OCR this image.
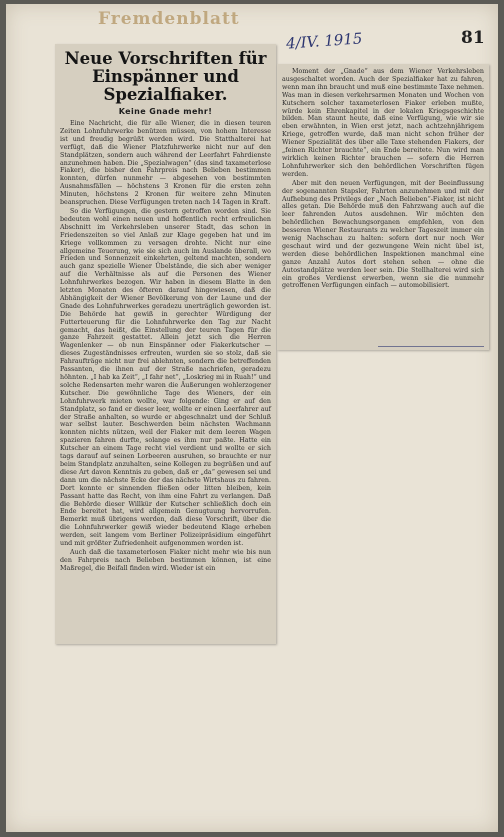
Fremdenblatt
4/IV. 1915	81
Neue Vorschriften für Einspänner und Spezialfiaker.
Keine Gnade mehr!

Eine Nachricht, die für alle Wiener, die in diesen teuren Zeiten Lohnfuhrwerke benützen müssen, von hohem Interesse ist und freudig begrüßt werden wird. Die Statthalterei hat verfügt, daß die Wiener Platzfuhrwerke nicht nur auf den Standplätzen, sondern auch während der Leerfahrt Fahrdienste anzunehmen haben. Die „Spezialwagen“ (das sind taxameterlose Fiaker), die bisher den Fahrpreis nach Belieben bestimmen konnten, dürfen nunmehr — abgesehen von bestimmten Ausnahmsfällen — höchstens 3 Kronen für die ersten zehn Minuten, höchstens 2 Kronen für weitere zehn Minuten beanspruchen. Diese Verfügungen treten nach 14 Tagen in Kraft.

So die Verfügungen, die gestern getroffen worden sind. Sie bedeuten wohl einen neuen und hoffentlich recht erfreulichen Abschnitt im Verkehrsleben unserer Stadt, das schon in Friedenszeiten so viel Anlaß zur Klage gegeben hat und im Kriege vollkommen zu versagen drohte. Nicht nur eine allgemeine Teuerung, wie sie sich auch im Auslande überall, wo Frieden und Sonnenzeit einkehrten, geltend machten, sondern auch ganz spezielle Wiener Übelstände, die sich aber weniger auf die Verhältnisse als auf die Personen des Wiener Lohnfuhrwerkes bezogen. Wir haben in diesem Blatte in den letzten Monaten des öfteren darauf hingewiesen, daß die Abhängigkeit der Wiener Bevölkerung von der Laune und der Gnade des Lohnfuhrwerkes geradezu unerträglich geworden ist. Die Behörde hat gewiß in gerechter Würdigung der Futterteuerung für die Lohnfuhrwerke den Tag zur Nacht gemacht, das heißt, die Einstellung der teuren Tagen für die ganze Fahrzeit gestattet. Allein jetzt sich die Herren Wagenlenker — ob nun Einspänner oder Fiakerkutscher — dieses Zugeständnisses erfreuten, wurden sie so stolz, daß sie Fahraufträge nicht nur frei ablehnten, sondern die betreffenden Passanten, die ihnen auf der Straße nachriefen, geradezu höhnten. „I hab ka Zeit“, „I fahr net“, „Loskrieg mi in Ruah!“ und solche Redensarten mehr waren die Äußerungen wohlerzogener Kutscher. Die gewöhnliche Tage des Wieners, der ein Lohnfuhrwerk mieten wollte, war folgende: Ging er auf den Standplatz, so fand er dieser leer, wollte er einen Leerfahrer auf der Straße anhalten, so wurde er abgeschnalzt und der Schluß war selbst lauter. Beschwerden beim nächsten Wachmann konnten nichts nützen, weil der Fiaker mit dem leeren Wagen spazieren fahren durfte, solange es ihm nur paßte. Hatte ein Kutscher an einem Tage recht viel verdient und wollte er sich tags darauf auf seinen Lorbeeren ausruhen, so brauchte er nur beim Standplatz anzuhalten, seine Kollegen zu begrüßen und auf diese Art davon Kenntnis zu geben, daß er „da“ gewesen sei und dann um die nächste Ecke der das nächste Wirtshaus zu fahren. Dort konnte er sinnenden fließen oder litten bleiben, kein Passant hatte das Recht, von ihm eine Fahrt zu verlangen. Daß die Behörde dieser Willkür der Kutscher schließlich doch ein Ende bereitet hat, wird allgemein Genugtuung hervorrufen. Bemerkt muß übrigens werden, daß diese Vorschrift, über die die Lohnfuhrwerker gewiß wieder bedeutend Klage erheben werden, seit langem vom Berliner Polizeipräsidium eingeführt und mit größter Zufriedenheit aufgenommen worden ist.

Auch daß die taxameterlosen Fiaker nicht mehr wie bis nun den Fahrpreis nach Belieben bestimmen können, ist eine Maßregel, die Beifall finden wird. Wieder ist ein

Moment der „Gnade“ aus dem Wiener Verkehrsleben ausgeschaltet worden. Auch der Spezialfiaker hat zu fahren, wenn man ihn braucht und muß eine bestimmte Taxe nehmen. Was man in diesen verkehrsarmen Monaten und Wochen von Kutschern solcher taxameterlosen Fiaker erleben mußte, würde kein Ehrenkapitel in der lokalen Kriegsgeschichte bilden. Man staunt heute, daß eine Verfügung, wie wir sie eben erwähnten, in Wien erst jetzt, nach achtzehnjährigem Kriege, getroffen wurde, daß man nicht schon früher der Wiener Spezialität des über alle Taxe stehenden Fiakers, der „feinen Richter brauchte“, ein Ende bereitete. Nun wird man wirklich keinen Richter brauchen — sofern die Herren Lohnfuhrwerker sich den behördlichen Vorschriften fügen werden.

Aber mit den neuen Verfügungen, mit der Beeinflussung der sogenannten Stapsler, Fahrten anzunehmen und mit der Aufhebung des Privilegs der „Nach Belieben“-Fiaker, ist nicht alles getan. Die Behörde muß den Fahrzwang auch auf die leer fahrenden Autos ausdehnen. Wir möchten den behördlichen Bewachungsorganen empfehlen, von den besseren Wiener Restaurants zu welcher Tageszeit immer ein wenig Nachschau zu halten: sofern dort nur noch Wer geschaut wird und der gezwungene Wein nicht übel ist, werden diese behördlichen Inspektionen manchmal eine ganze Anzahl Autos dort stehen sehen — ohne die Autostandplätze werden leer sein. Die Stellhalterei wird sich ein großes Verdienst erwerben, wenn sie die nunmehr getroffenen Verfügungen einfach — automobilisiert.
